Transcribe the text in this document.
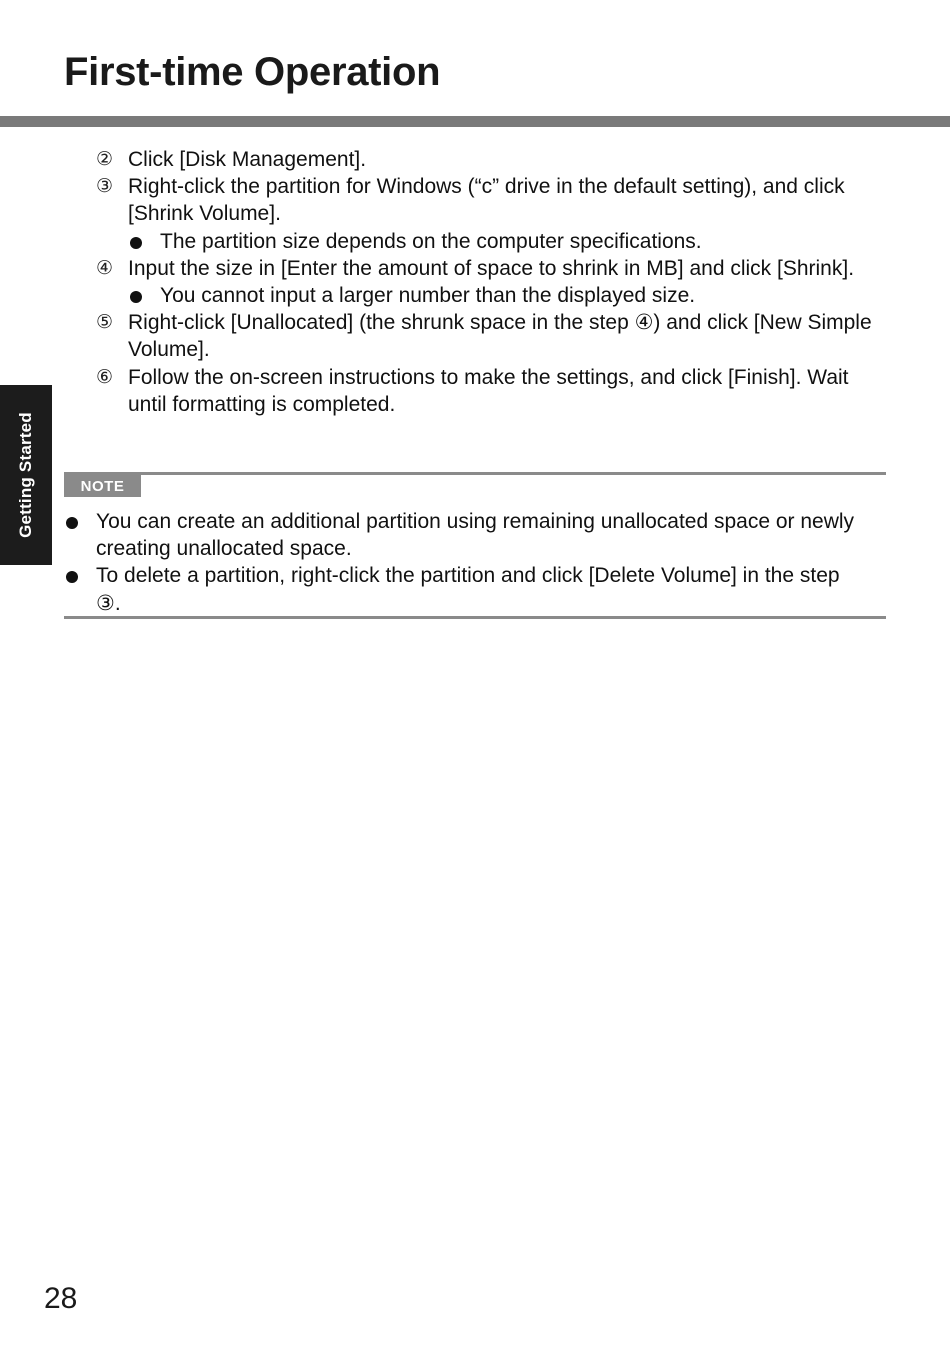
First-time Operation
Getting Started
② Click [Disk Management].
③ Right-click the partition for Windows (“c” drive in the default setting), and click [Shrink Volume].
The partition size depends on the computer specifications.
④ Input the size in [Enter the amount of space to shrink in MB] and click [Shrink].
You cannot input a larger number than the displayed size.
⑤ Right-click [Unallocated] (the shrunk space in the step ④) and click [New Simple Volume].
⑥ Follow the on-screen instructions to make the settings, and click [Finish]. Wait until formatting is completed.
NOTE
You can create an additional partition using remaining unallocated space or newly creating unallocated space.
To delete a partition, right-click the partition and click [Delete Volume] in the step ③.
28
